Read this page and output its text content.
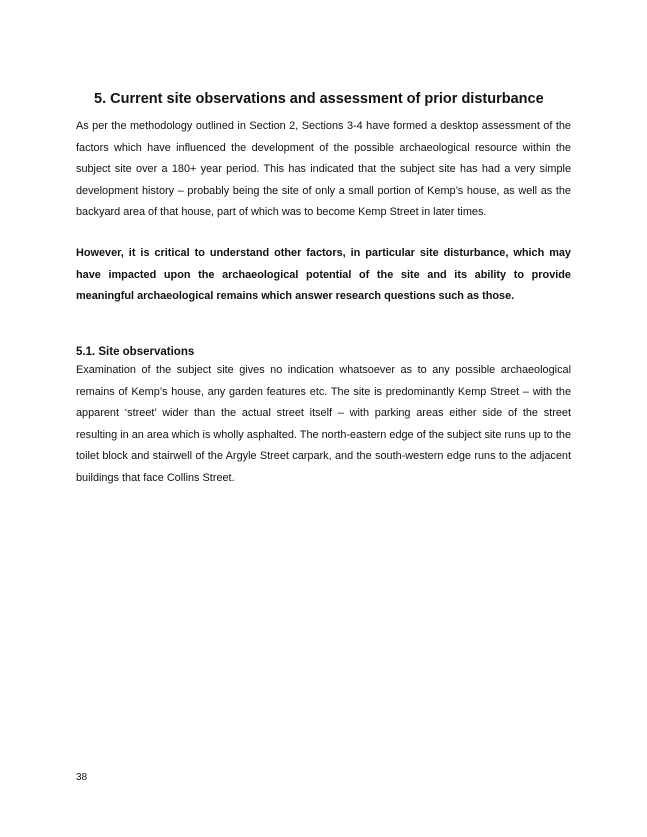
5. Current site observations and assessment of prior disturbance

As per the methodology outlined in Section 2, Sections 3-4 have formed a desktop assessment of the factors which have influenced the development of the possible archaeological resource within the subject site over a 180+ year period. This has indicated that the subject site has had a very simple development history – probably being the site of only a small portion of Kemp’s house, as well as the backyard area of that house, part of which was to become Kemp Street in later times.

However, it is critical to understand other factors, in particular site disturbance, which may have impacted upon the archaeological potential of the site and its ability to provide meaningful archaeological remains which answer research questions such as those.

5.1. Site observations

Examination of the subject site gives no indication whatsoever as to any possible archaeological remains of Kemp’s house, any garden features etc. The site is predominantly Kemp Street – with the apparent ‘street’ wider than the actual street itself – with parking areas either side of the street resulting in an area which is wholly asphalted. The north-eastern edge of the subject site runs up to the toilet block and stairwell of the Argyle Street carpark, and the south-western edge runs to the adjacent buildings that face Collins Street.

38
